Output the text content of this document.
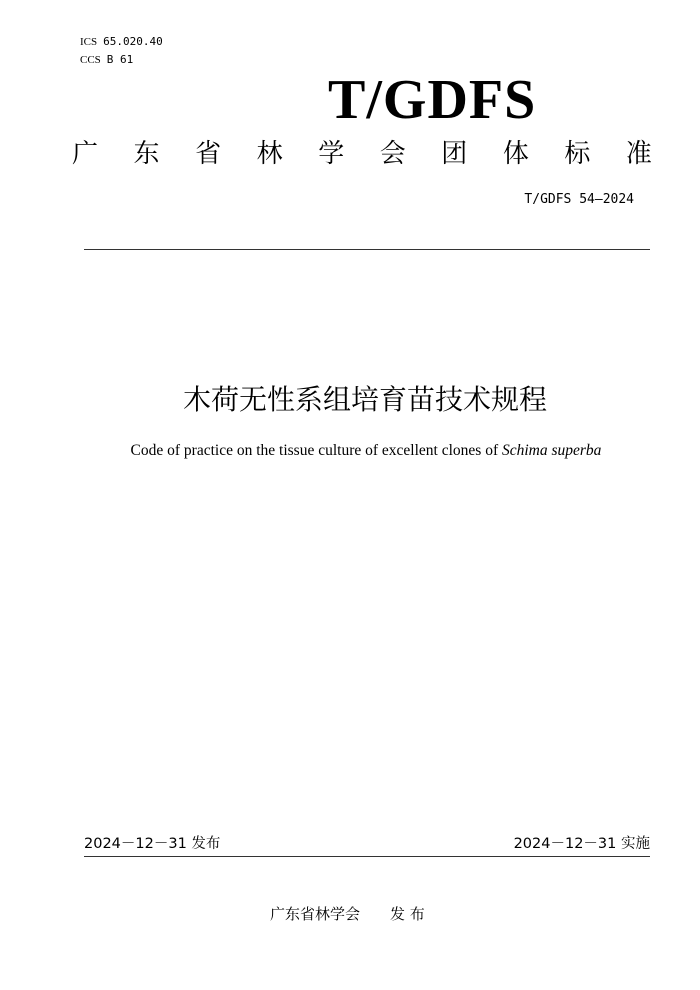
ICS 65.020.40
CCS B 61
T/GDFS
广 东 省 林 学 会 团 体 标 准
T/GDFS 54—2024
木荷无性系组培育苗技术规程
Code of practice on the tissue culture of excellent clones of Schima superba
2024－12－31 发布	2024－12－31 实施
广东省林学会 发 布
